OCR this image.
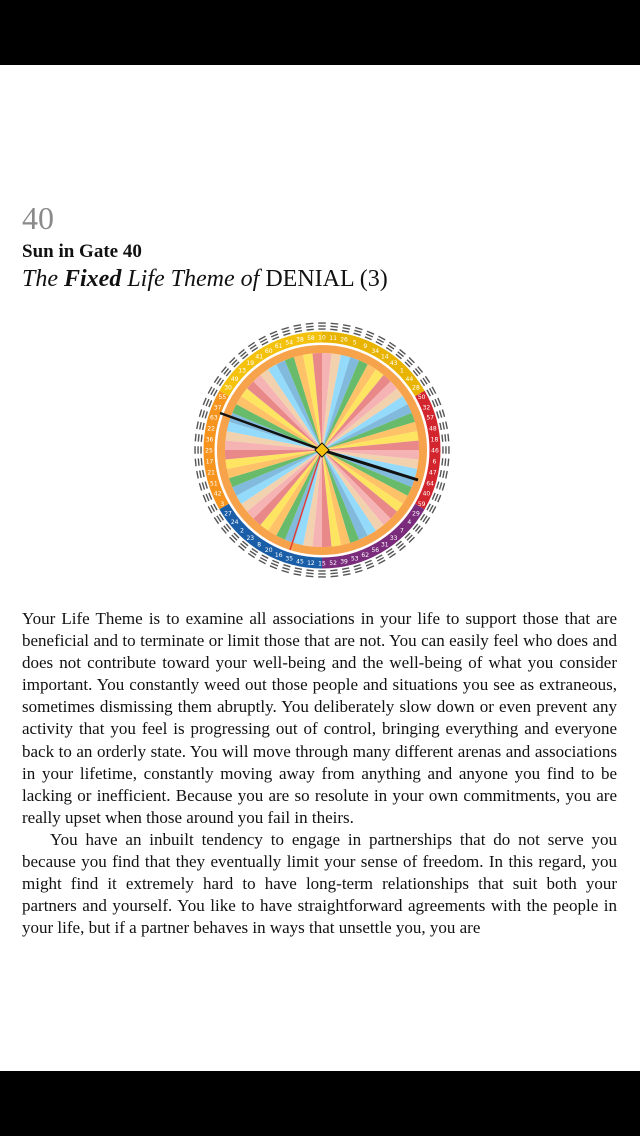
40
Sun in Gate 40
The Fixed Life Theme of DENIAL (3)
10 11 26 5
9
34
14
43
1
44
28
50
32
57
48
18
46
6
47
64
40
59
29
4
7
33
31
56
62
53
39
52
15
12
45
35
16
20
8
23
2
24
27
3
42
51
21
17
25
36
22
63
37
55
30
49
13
19
41
60
61
54 38 58

Your Life Theme is to examine all associations in your life to support those that are beneficial and to terminate or limit those that are not. You can easily feel who does and does not contribute toward your well-being and the well-being of what you consider important. You constantly weed out those people and situations you see as extraneous, sometimes dismissing them abruptly. You deliberately slow down or even prevent any activity that you feel is progressing out of control, bringing everything and everyone back to an orderly state. You will move through many different arenas and associations in your lifetime, constantly moving away from anything and anyone you find to be lacking or inefficient. Because you are so resolute in your own commitments, you are really upset when those around you fail in theirs.

You have an inbuilt tendency to engage in partnerships that do not serve you because you find that they eventually limit your sense of freedom. In this regard, you might find it extremely hard to have long-term relationships that suit both your partners and yourself. You like to have straightforward agreements with the people in your life, but if a partner behaves in ways that unsettle you, you are
